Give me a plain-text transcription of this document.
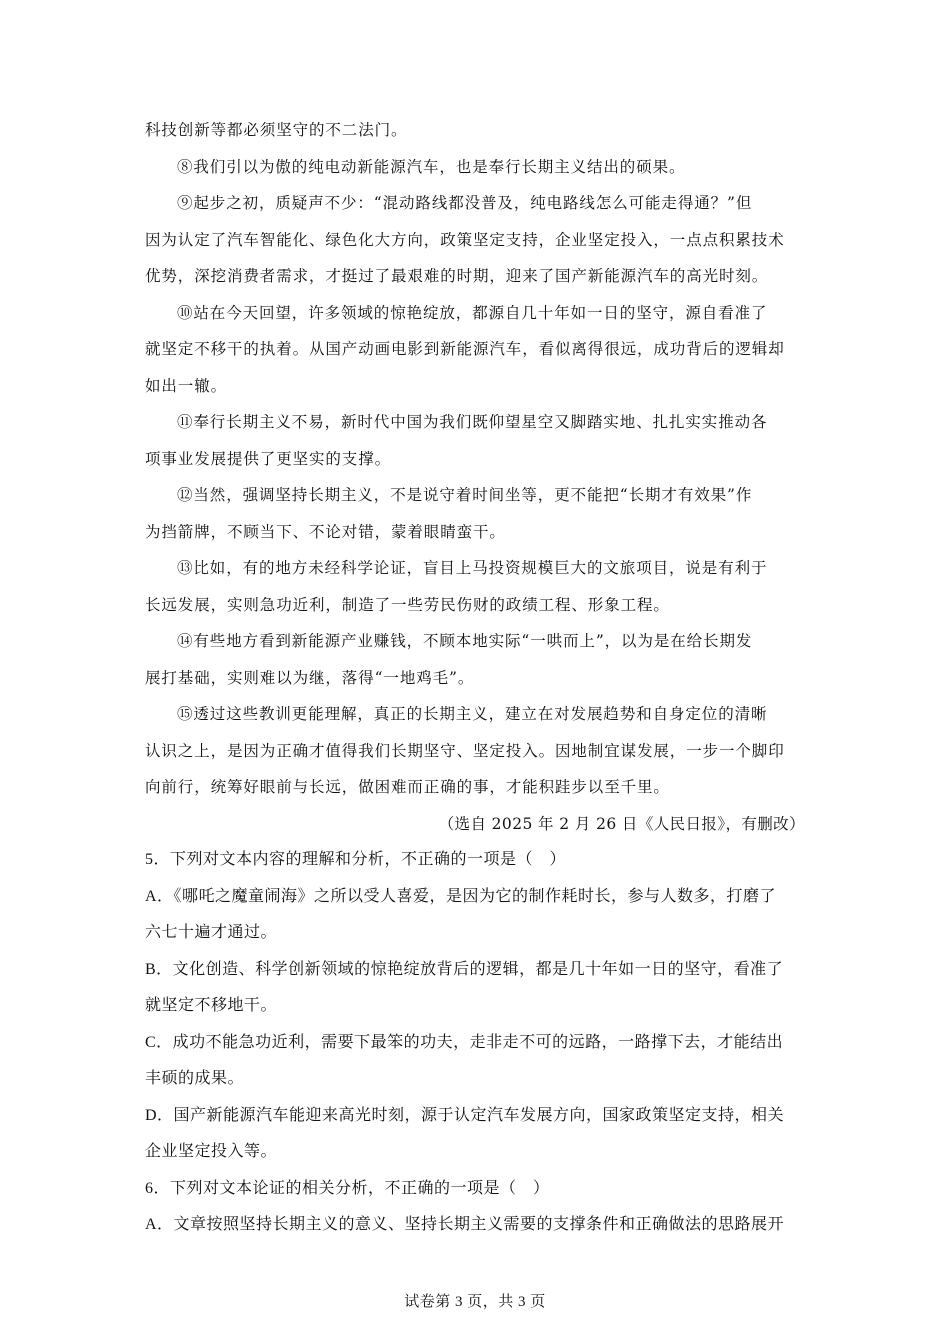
科技创新等都必须坚守的不二法门。
⑧我们引以为傲的纯电动新能源汽车，也是奉行长期主义结出的硕果。
⑨起步之初，质疑声不少：“混动路线都没普及，纯电路线怎么可能走得通？”但
因为认定了汽车智能化、绿色化大方向，政策坚定支持，企业坚定投入，一点点积累技术
优势，深挖消费者需求，才挺过了最艰难的时期，迎来了国产新能源汽车的高光时刻。
⑩站在今天回望，许多领域的惊艳绽放，都源自几十年如一日的坚守，源自看准了
就坚定不移干的执着。从国产动画电影到新能源汽车，看似离得很远，成功背后的逻辑却
如出一辙。
⑪奉行长期主义不易，新时代中国为我们既仰望星空又脚踏实地、扎扎实实推动各
项事业发展提供了更坚实的支撑。
⑫当然，强调坚持长期主义，不是说守着时间坐等，更不能把“长期才有效果”作
为挡箭牌，不顾当下、不论对错，蒙着眼睛蛮干。
⑬比如，有的地方未经科学论证，盲目上马投资规模巨大的文旅项目，说是有利于
长远发展，实则急功近利，制造了一些劳民伤财的政绩工程、形象工程。
⑭有些地方看到新能源产业赚钱，不顾本地实际“一哄而上”，以为是在给长期发
展打基础，实则难以为继，落得“一地鸡毛”。
⑮透过这些教训更能理解，真正的长期主义，建立在对发展趋势和自身定位的清晰
认识之上，是因为正确才值得我们长期坚守、坚定投入。因地制宜谋发展，一步一个脚印
向前行，统筹好眼前与长远，做困难而正确的事，才能积跬步以至千里。
（选自 2025 年 2 月 26 日《人民日报》，有删改）
5．下列对文本内容的理解和分析，不正确的一项是（　）
A．《哪吒之魔童闹海》之所以受人喜爱，是因为它的制作耗时长，参与人数多，打磨了
六七十遍才通过。
B．文化创造、科学创新领域的惊艳绽放背后的逻辑，都是几十年如一日的坚守，看准了
就坚定不移地干。
C．成功不能急功近利，需要下最笨的功夫，走非走不可的远路，一路撑下去，才能结出
丰硕的成果。
D．国产新能源汽车能迎来高光时刻，源于认定汽车发展方向，国家政策坚定支持，相关
企业坚定投入等。
6．下列对文本论证的相关分析，不正确的一项是（　）
A．文章按照坚持长期主义的意义、坚持长期主义需要的支撑条件和正确做法的思路展开
试卷第 3 页，共 3 页
